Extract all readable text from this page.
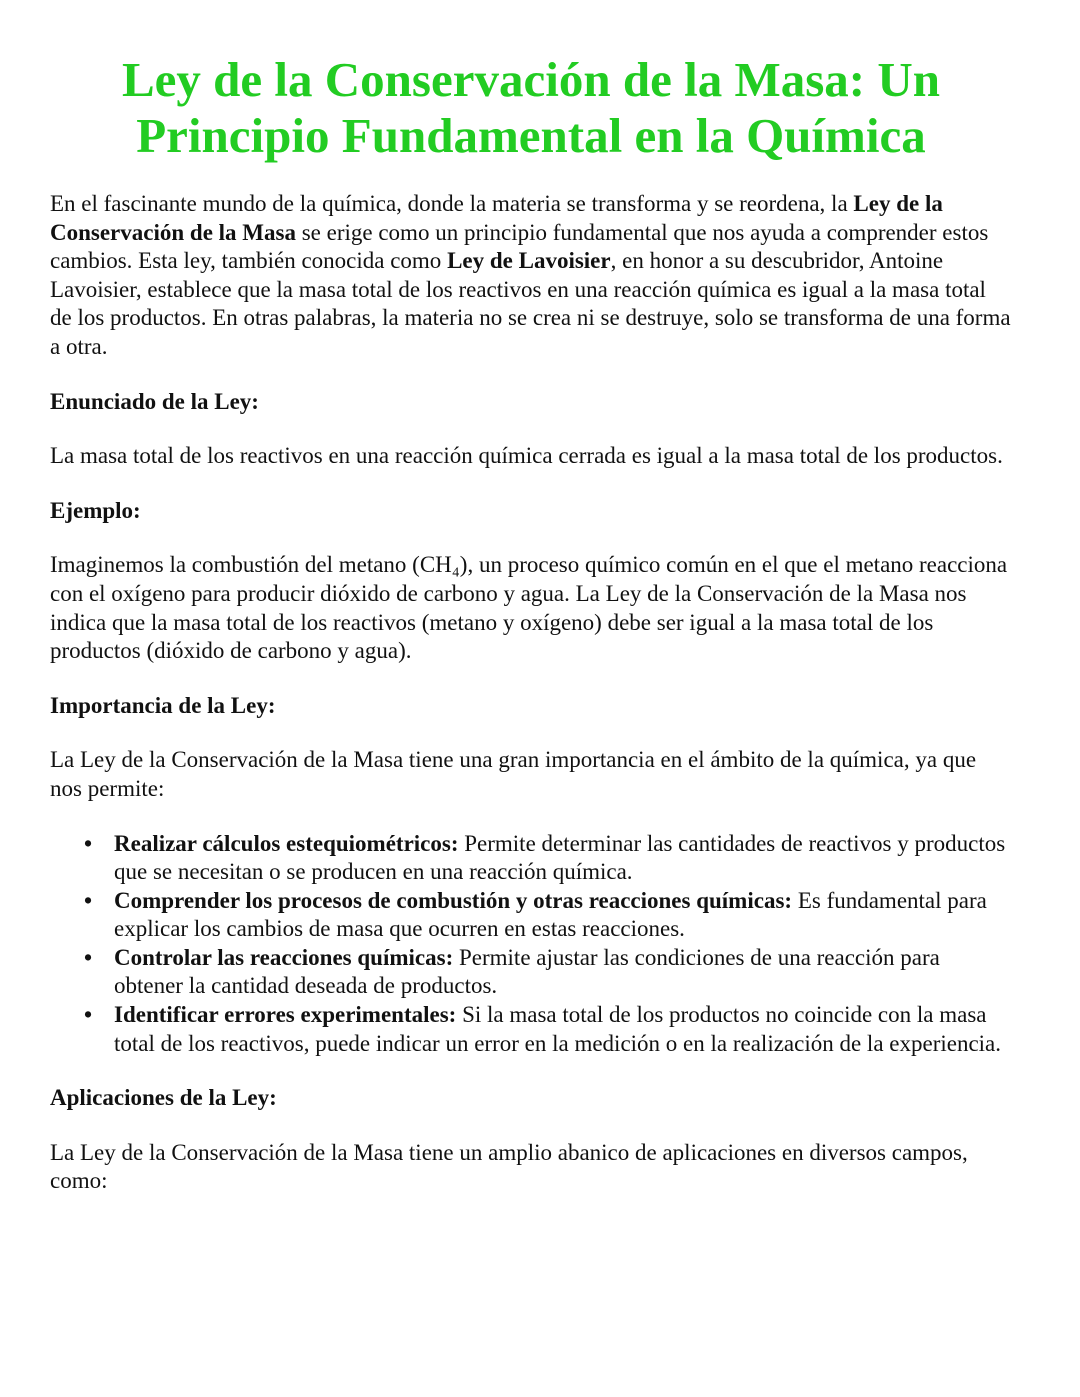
Ley de la Conservación de la Masa: Un Principio Fundamental en la Química

En el fascinante mundo de la química, donde la materia se transforma y se reordena, la Ley de la Conservación de la Masa se erige como un principio fundamental que nos ayuda a comprender estos cambios. Esta ley, también conocida como Ley de Lavoisier, en honor a su descubridor, Antoine Lavoisier, establece que la masa total de los reactivos en una reacción química es igual a la masa total de los productos. En otras palabras, la materia no se crea ni se destruye, solo se transforma de una forma a otra.

Enunciado de la Ley:

La masa total de los reactivos en una reacción química cerrada es igual a la masa total de los productos.

Ejemplo:

Imaginemos la combustión del metano (CH₄), un proceso químico común en el que el metano reacciona con el oxígeno para producir dióxido de carbono y agua. La Ley de la Conservación de la Masa nos indica que la masa total de los reactivos (metano y oxígeno) debe ser igual a la masa total de los productos (dióxido de carbono y agua).

Importancia de la Ley:

La Ley de la Conservación de la Masa tiene una gran importancia en el ámbito de la química, ya que nos permite:

• Realizar cálculos estequiométricos: Permite determinar las cantidades de reactivos y productos que se necesitan o se producen en una reacción química.
• Comprender los procesos de combustión y otras reacciones químicas: Es fundamental para explicar los cambios de masa que ocurren en estas reacciones.
• Controlar las reacciones químicas: Permite ajustar las condiciones de una reacción para obtener la cantidad deseada de productos.
• Identificar errores experimentales: Si la masa total de los productos no coincide con la masa total de los reactivos, puede indicar un error en la medición o en la realización de la experiencia.

Aplicaciones de la Ley:

La Ley de la Conservación de la Masa tiene un amplio abanico de aplicaciones en diversos campos, como:
